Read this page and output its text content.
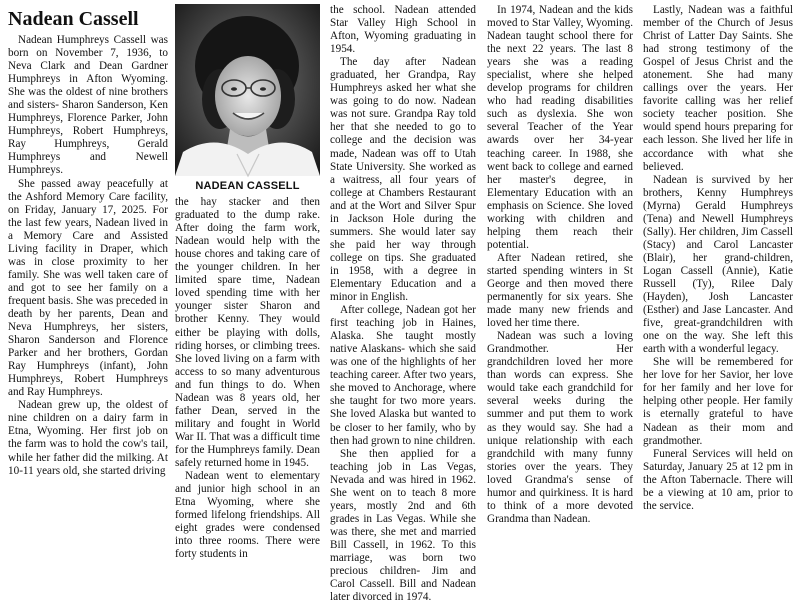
Nadean Cassell

Nadean Humphreys Cassell was born on November 7, 1936, to Neva Clark and Dean Gardner Humphreys in Afton Wyoming. She was the oldest of nine brothers and sisters- Sharon Sanderson, Ken Humphreys, Florence Parker, John Humphreys, Robert Humphreys, Ray Humphreys, Gerald Humphreys and Newell Humphreys.

She passed away peacefully at the Ashford Memory Care facility, on Friday, January 17, 2025. For the last few years, Nadean lived in a Memory Care and Assisted Living facility in Draper, which was in close proximity to her family. She was well taken care of and got to see her family on a frequent basis. She was preceded in death by her parents, Dean and Neva Humphreys, her sisters, Sharon Sanderson and Florence Parker and her brothers, Gordan Ray Humphreys (infant), John Humphreys, Robert Humphreys and Ray Humphreys.

Nadean grew up, the oldest of nine children on a dairy farm in Etna, Wyoming. Her first job on the farm was to hold the cow's tail, while her father did the milking. At 10-11 years old, she started driving

NADEAN CASSELL

the hay stacker and then graduated to the dump rake. After doing the farm work, Nadean would help with the house chores and taking care of the younger children. In her limited spare time, Nadean loved spending time with her younger sister Sharon and brother Kenny. They would either be playing with dolls, riding horses, or climbing trees. She loved living on a farm with access to so many adventurous and fun things to do. When Nadean was 8 years old, her father Dean, served in the military and fought in World War II. That was a difficult time for the Humphreys family. Dean safely returned home in 1945.

Nadean went to elementary and junior high school in an Etna Wyoming, where she formed lifelong friendships. All eight grades were condensed into three rooms. There were forty students in

the school. Nadean attended Star Valley High School in Afton, Wyoming graduating in 1954.

The day after Nadean graduated, her Grandpa, Ray Humphreys asked her what she was going to do now. Nadean was not sure. Grandpa Ray told her that she needed to go to college and the decision was made, Nadean was off to Utah State University. She worked as a waitress, all four years of college at Chambers Restaurant and at the Wort and Silver Spur in Jackson Hole during the summers. She would later say she paid her way through college on tips. She graduated in 1958, with a degree in Elementary Education and a minor in English.

After college, Nadean got her first teaching job in Haines, Alaska. She taught mostly native Alaskans- which she said was one of the highlights of her teaching career. After two years, she moved to Anchorage, where she taught for two more years. She loved Alaska but wanted to be closer to her family, who by then had grown to nine children.

She then applied for a teaching job in Las Vegas, Nevada and was hired in 1962. She went on to teach 8 more years, mostly 2nd and 6th grades in Las Vegas. While she was there, she met and married Bill Cassell, in 1962. To this marriage, was born two precious children- Jim and Carol Cassell. Bill and Nadean later divorced in 1974.

In 1974, Nadean and the kids moved to Star Valley, Wyoming. Nadean taught school there for the next 22 years. The last 8 years she was a reading specialist, where she helped develop programs for children who had reading disabilities such as dyslexia. She won several Teacher of the Year awards over her 34-year teaching career. In 1988, she went back to college and earned her master's degree, in Elementary Education with an emphasis on Science. She loved working with children and helping them reach their potential.

After Nadean retired, she started spending winters in St George and then moved there permanently for six years. She made many new friends and loved her time there.

Nadean was such a loving Grandmother. Her grandchildren loved her more than words can express. She would take each grandchild for several weeks during the summer and put them to work as they would say. She had a unique relationship with each grandchild with many funny stories over the years. They loved Grandma's sense of humor and quirkiness. It is hard to think of a more devoted Grandma than Nadean.

Lastly, Nadean was a faithful member of the Church of Jesus Christ of Latter Day Saints. She had strong testimony of the Gospel of Jesus Christ and the atonement. She had many callings over the years. Her favorite calling was her relief society teacher position. She would spend hours preparing for each lesson. She lived her life in accordance with what she believed.

Nadean is survived by her brothers, Kenny Humphreys (Myrna) Gerald Humphreys (Tena) and Newell Humphreys (Sally). Her children, Jim Cassell (Stacy) and Carol Lancaster (Blair), her grand-children, Logan Cassell (Annie), Katie Russell (Ty), Rilee Daly (Hayden), Josh Lancaster (Esther) and Jase Lancaster. And five, great-grandchildren with one on the way. She left this earth with a wonderful legacy.

She will be remembered for her love for her Savior, her love for her family and her love for helping other people. Her family is eternally grateful to have Nadean as their mom and grandmother.

Funeral Services will held on Saturday, January 25 at 12 pm in the Afton Tabernacle. There will be a viewing at 10 am, prior to the service.
